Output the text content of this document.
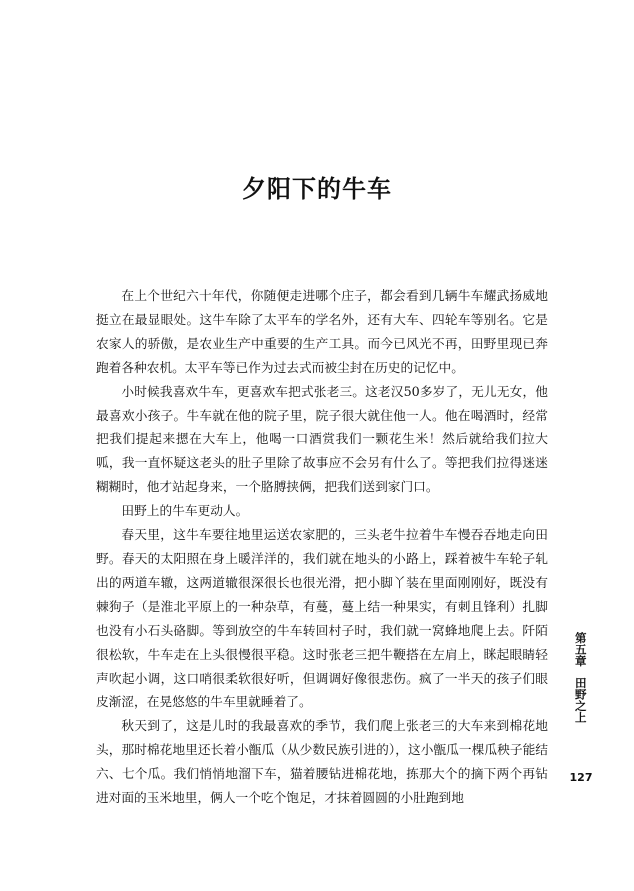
夕阳下的牛车

在上个世纪六十年代，你随便走进哪个庄子，都会看到几辆牛车耀武扬威地挺立在最显眼处。这牛车除了太平车的学名外，还有大车、四轮车等别名。它是农家人的骄傲，是农业生产中重要的生产工具。而今已风光不再，田野里现已奔跑着各种农机。太平车等已作为过去式而被尘封在历史的记忆中。

小时候我喜欢牛车，更喜欢车把式张老三。这老汉50多岁了，无儿无女，他最喜欢小孩子。牛车就在他的院子里，院子很大就住他一人。他在喝酒时，经常把我们提起来摁在大车上，他喝一口酒赏我们一颗花生米！然后就给我们拉大呱，我一直怀疑这老头的肚子里除了故事应不会另有什么了。等把我们拉得迷迷糊糊时，他才站起身来，一个胳膊挟俩，把我们送到家门口。

田野上的牛车更动人。

春天里，这牛车要往地里运送农家肥的，三头老牛拉着牛车慢吞吞地走向田野。春天的太阳照在身上暖洋洋的，我们就在地头的小路上，踩着被牛车轮子轧出的两道车辙，这两道辙很深很长也很光滑，把小脚丫装在里面刚刚好，既没有棘狗子（是淮北平原上的一种杂草，有蔓，蔓上结一种果实，有刺且锋利）扎脚也没有小石头硌脚。等到放空的牛车转回村子时，我们就一窝蜂地爬上去。阡陌很松软，牛车走在上头很慢很平稳。这时张老三把牛鞭搭在左肩上，眯起眼睛轻声吹起小调，这口哨很柔软很好听，但调调好像很悲伤。疯了一半天的孩子们眼皮渐涩，在晃悠悠的牛车里就睡着了。

秋天到了，这是儿时的我最喜欢的季节，我们爬上张老三的大车来到棉花地头，那时棉花地里还长着小甑瓜（从少数民族引进的），这小甑瓜一棵瓜秧子能结六、七个瓜。我们悄悄地溜下车，猫着腰钻进棉花地，拣那大个的摘下两个再钻进对面的玉米地里，俩人一个吃个饱足，才抹着圆圆的小肚跑到地

第五章
田野之上
127
